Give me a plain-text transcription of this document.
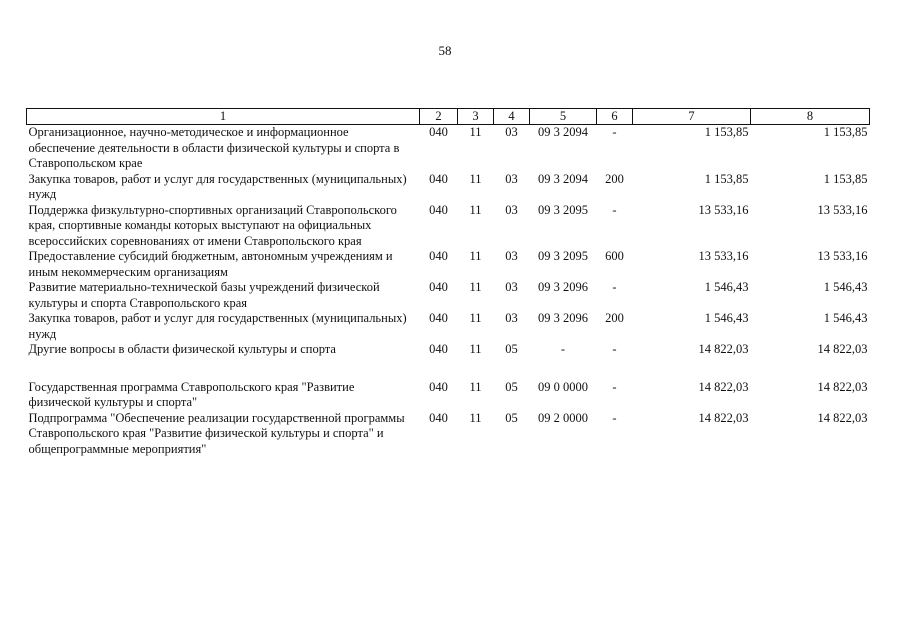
58
1	2	3	4	5	6	7	8
Организационное, научно-методическое и информационное обеспечение деятельности в области физической культуры и спорта в Ставропольском крае	040	11	03	09 3 2094	-	1 153,85	1 153,85
Закупка товаров, работ и услуг для государственных (муниципальных) нужд	040	11	03	09 3 2094	200	1 153,85	1 153,85
Поддержка физкультурно-спортивных организаций Ставропольского края, спортивные команды которых выступают на официальных всероссийских соревнованиях от имени Ставропольского края	040	11	03	09 3 2095	-	13 533,16	13 533,16
Предоставление субсидий бюджетным, автономным учреждениям и иным некоммерческим организациям	040	11	03	09 3 2095	600	13 533,16	13 533,16
Развитие материально-технической базы учреждений физической культуры и спорта Ставропольского края	040	11	03	09 3 2096	-	1 546,43	1 546,43
Закупка товаров, работ и услуг для государственных (муниципальных) нужд	040	11	03	09 3 2096	200	1 546,43	1 546,43
Другие вопросы в области физической культуры и спорта	040	11	05	-	-	14 822,03	14 822,03
Государственная программа Ставропольского края "Развитие физической культуры и спорта"	040	11	05	09 0 0000	-	14 822,03	14 822,03
Подпрограмма "Обеспечение реализации государственной программы Ставропольского края "Развитие физической культуры и спорта" и общепрограммные мероприятия"	040	11	05	09 2 0000	-	14 822,03	14 822,03
